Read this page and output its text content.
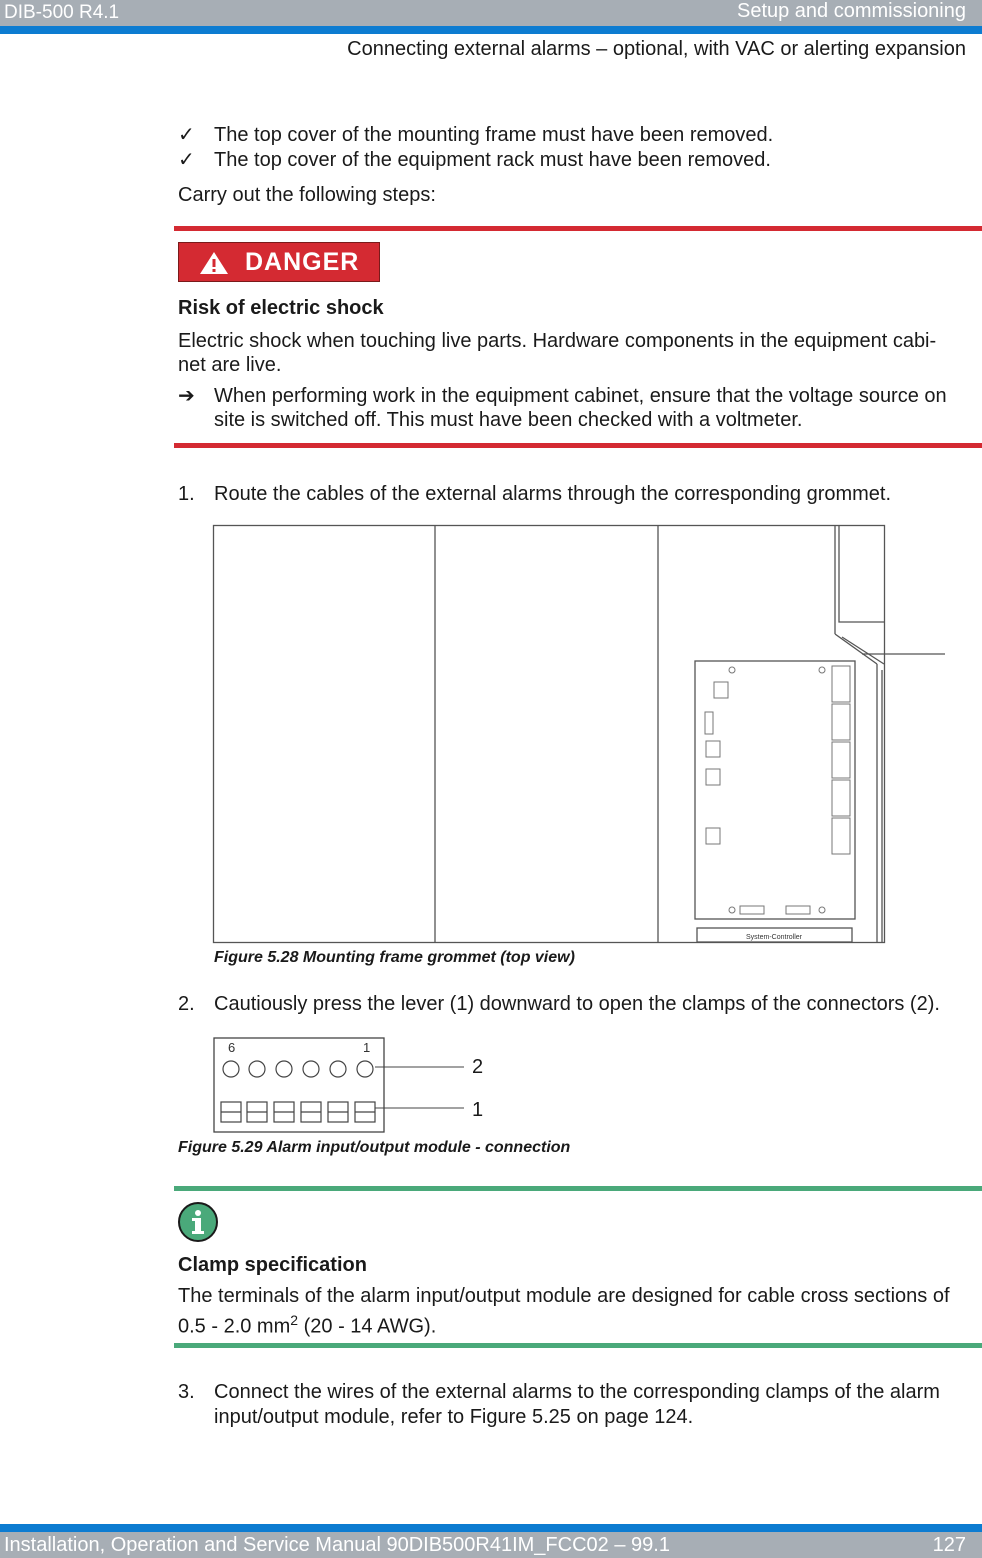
DIB-500 R4.1	Setup and commissioning
Connecting external alarms – optional, with VAC or alerting expansion
✓ The top cover of the mounting frame must have been removed.
✓ The top cover of the equipment rack must have been removed.
Carry out the following steps:
DANGER
Risk of electric shock
Electric shock when touching live parts. Hardware components in the equipment cabi-
net are live.
➔ When performing work in the equipment cabinet, ensure that the voltage source on
site is switched off. This must have been checked with a voltmeter.
1. Route the cables of the external alarms through the corresponding grommet.
System-Controller
Figure 5.28 Mounting frame grommet (top view)
2. Cautiously press the lever (1) downward to open the clamps of the connectors (2).
6	1
2
1
Figure 5.29 Alarm input/output module - connection
Clamp specification
The terminals of the alarm input/output module are designed for cable cross sections of
0.5 - 2.0 $mm^2$ (20 - 14 AWG).
3. Connect the wires of the external alarms to the corresponding clamps of the alarm
input/output module, refer to Figure 5.25 on page 124.
Installation, Operation and Service Manual 90DIB500R41IM_FCC02 – 99.1	127
